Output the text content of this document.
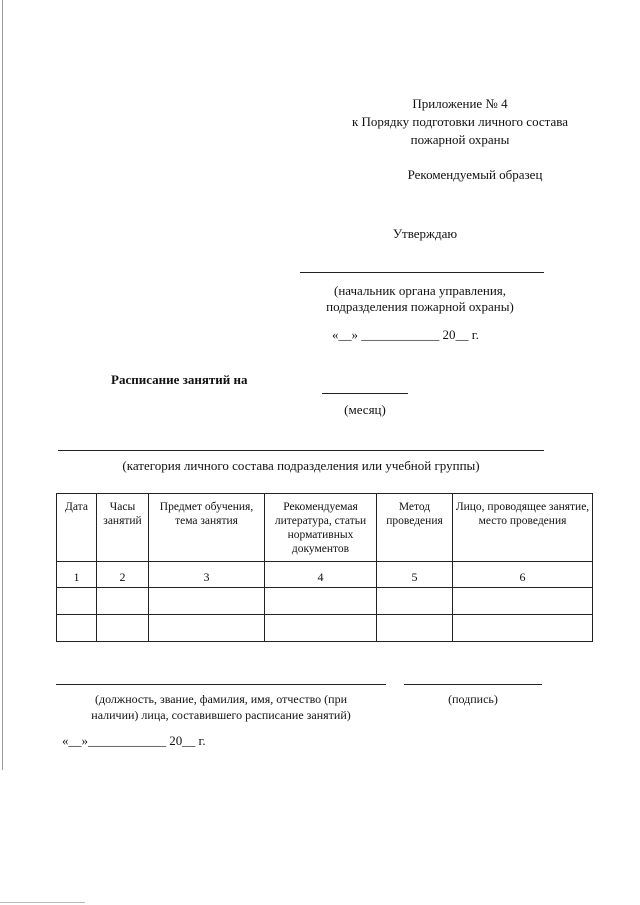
Приложение № 4
к Порядку подготовки личного состава
пожарной охраны
Рекомендуемый образец
Утверждаю
(начальник органа управления,
подразделения пожарной охраны)
«__» ____________ 20__ г.
Расписание занятий на
(месяц)
(категория личного состава подразделения или учебной группы)
Дата	Часы занятий	Предмет обучения, тема занятия	Рекомендуемая литература, статьи нормативных документов	Метод проведения	Лицо, проводящее занятие, место проведения
1	2	3	4	5	6

(должность, звание, фамилия, имя, отчество (при
наличии) лица, составившего расписание занятий)
(подпись)
«__»____________ 20__ г.
